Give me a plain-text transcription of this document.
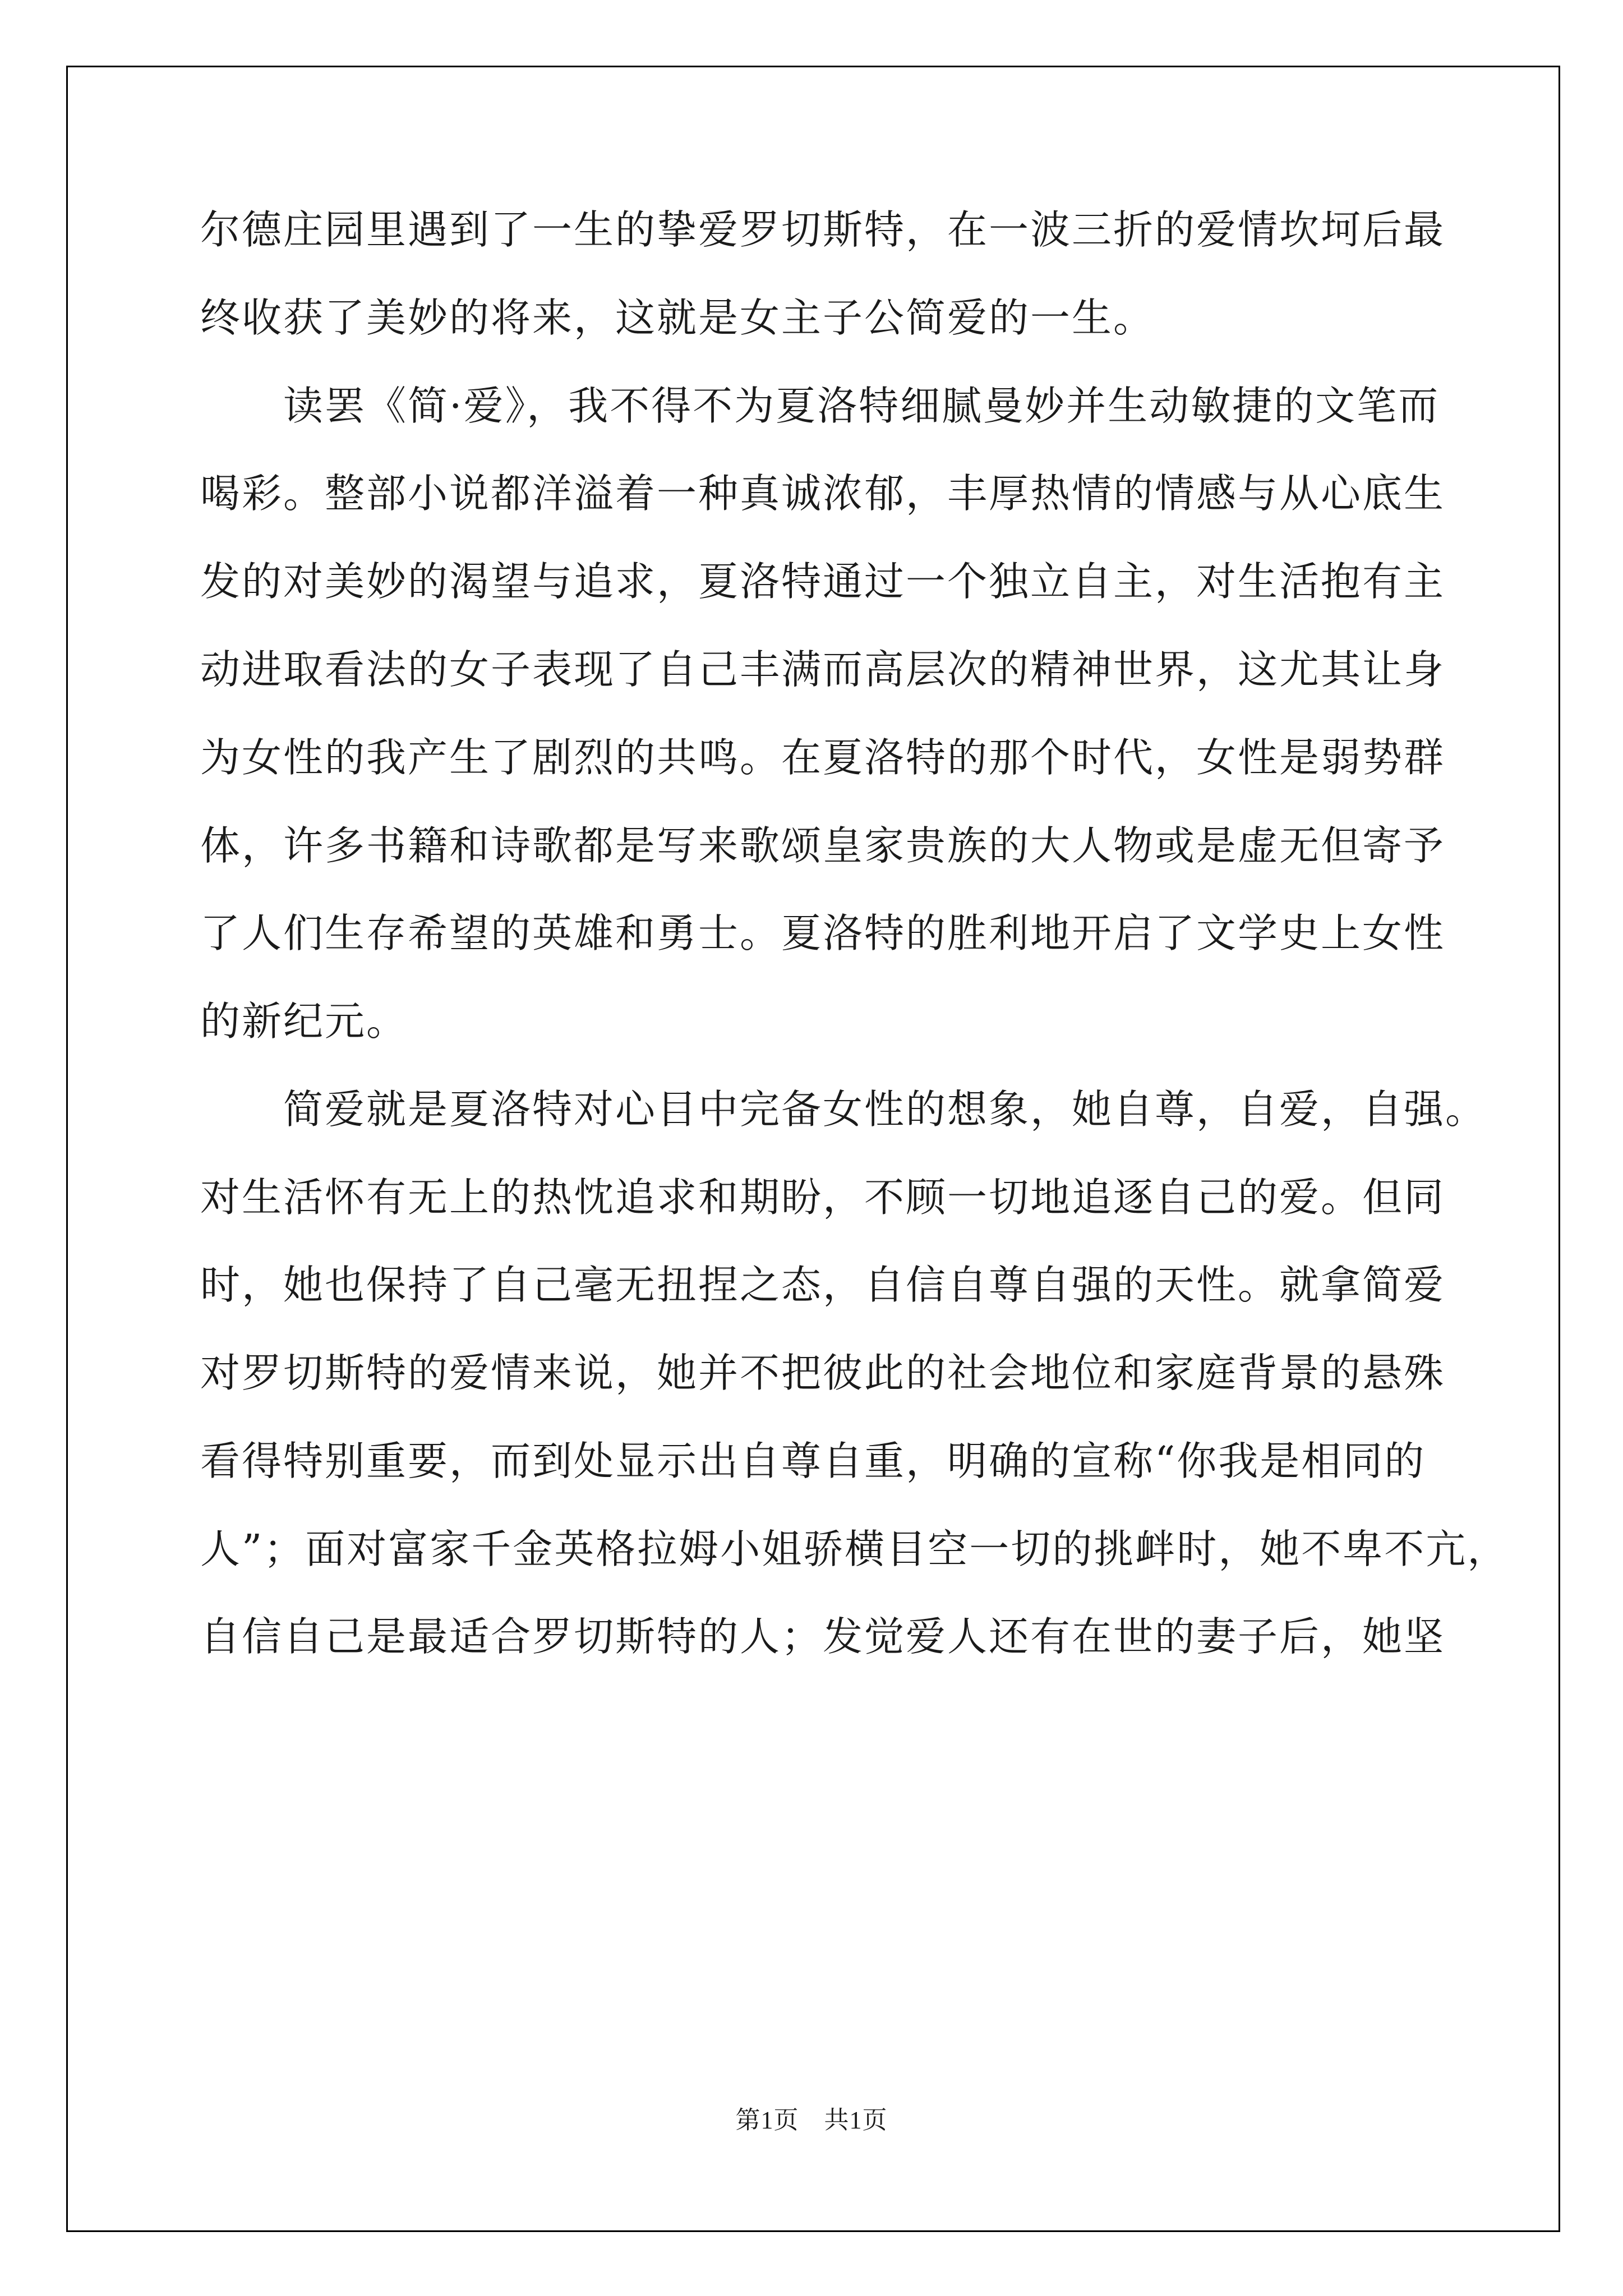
尔德庄园里遇到了一生的挚爱罗切斯特，在一波三折的爱情坎坷后最
终收获了美妙的将来，这就是女主子公简爱的一生。
　　读罢《简·爱》，我不得不为夏洛特细腻曼妙并生动敏捷的文笔而
喝彩。整部小说都洋溢着一种真诚浓郁，丰厚热情的情感与从心底生
发的对美妙的渴望与追求，夏洛特通过一个独立自主，对生活抱有主
动进取看法的女子表现了自己丰满而高层次的精神世界，这尤其让身
为女性的我产生了剧烈的共鸣。在夏洛特的那个时代，女性是弱势群
体，许多书籍和诗歌都是写来歌颂皇家贵族的大人物或是虚无但寄予
了人们生存希望的英雄和勇士。夏洛特的胜利地开启了文学史上女性
的新纪元。
　　简爱就是夏洛特对心目中完备女性的想象，她自尊，自爱，自强。
对生活怀有无上的热忱追求和期盼，不顾一切地追逐自己的爱。但同
时，她也保持了自己毫无扭捏之态，自信自尊自强的天性。就拿简爱
对罗切斯特的爱情来说，她并不把彼此的社会地位和家庭背景的悬殊
看得特别重要，而到处显示出自尊自重，明确的宣称“你我是相同的
人”；面对富家千金英格拉姆小姐骄横目空一切的挑衅时，她不卑不亢，
自信自己是最适合罗切斯特的人；发觉爱人还有在世的妻子后，她坚
第1页　共1页
